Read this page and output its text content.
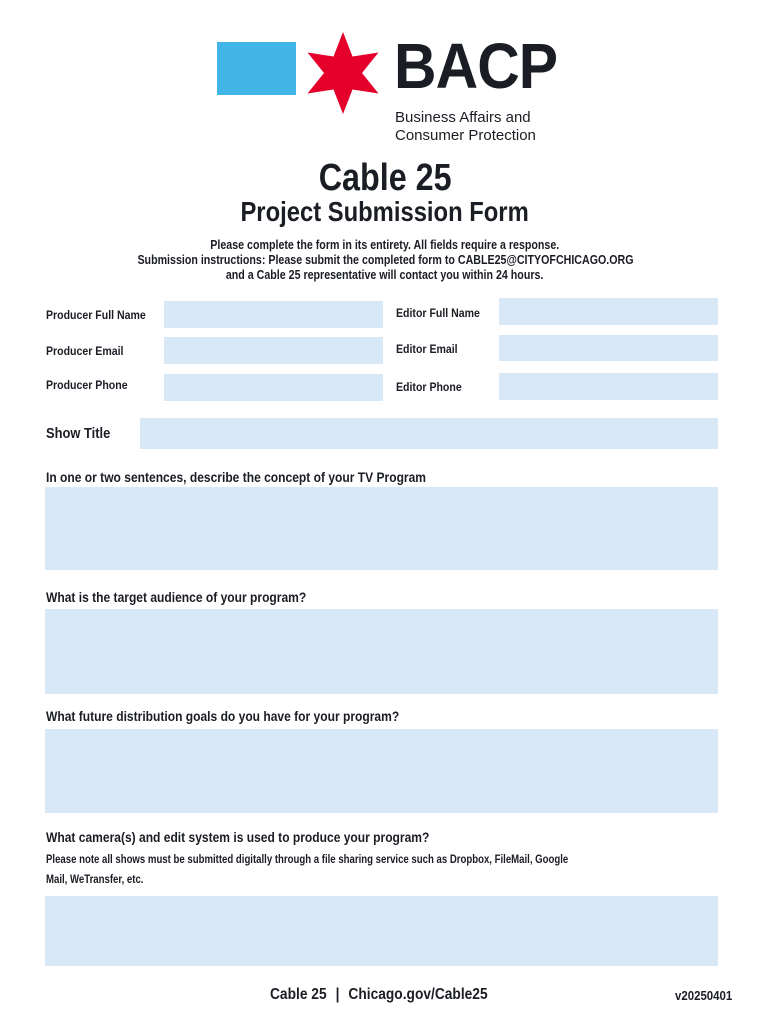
BACP
Business Affairs and
Consumer Protection
Cable 25
Project Submission Form
Please complete the form in its entirety. All fields require a response.
Submission instructions: Please submit the completed form to CABLE25@CITYOFCHICAGO.ORG
and a Cable 25 representative will contact you within 24 hours.
Producer Full Name	Editor Full Name
Producer Email	Editor Email
Producer Phone	Editor Phone
Show Title
In one or two sentences, describe the concept of your TV Program
What is the target audience of your program?
What future distribution goals do you have for your program?
What camera(s) and edit system is used to produce your program?
Please note all shows must be submitted digitally through a file sharing service such as Dropbox, FileMail, Google
Mail, WeTransfer, etc.
Cable 25 | Chicago.gov/Cable25	v20250401
